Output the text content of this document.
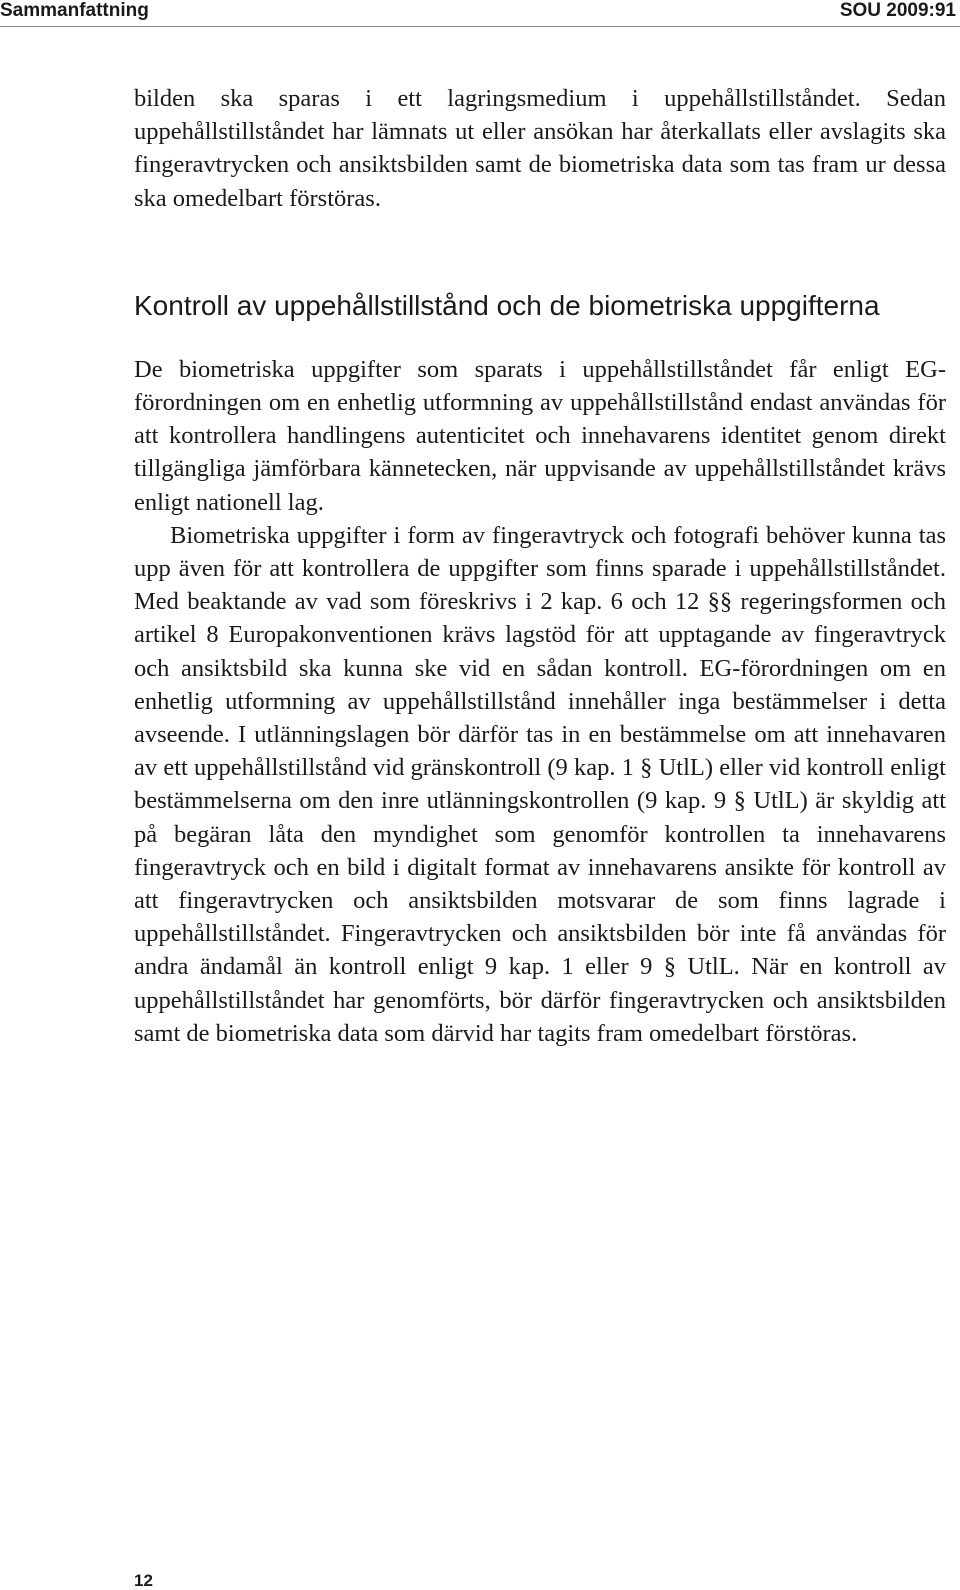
Sammanfattning	SOU 2009:91

bilden ska sparas i ett lagringsmedium i uppehållstillståndet. Sedan uppehållstillståndet har lämnats ut eller ansökan har återkallats eller avslagits ska fingeravtrycken och ansiktsbilden samt de biometriska data som tas fram ur dessa ska omedelbart förstöras.

Kontroll av uppehållstillstånd och de biometriska uppgifterna

De biometriska uppgifter som sparats i uppehållstillståndet får enligt EG-förordningen om en enhetlig utformning av uppehållstillstånd endast användas för att kontrollera handlingens autenticitet och innehavarens identitet genom direkt tillgängliga jämförbara kännetecken, när uppvisande av uppehållstillståndet krävs enligt nationell lag.

Biometriska uppgifter i form av fingeravtryck och fotografi behöver kunna tas upp även för att kontrollera de uppgifter som finns sparade i uppehållstillståndet. Med beaktande av vad som föreskrivs i 2 kap. 6 och 12 §§ regeringsformen och artikel 8 Europakonventionen krävs lagstöd för att upptagande av fingeravtryck och ansiktsbild ska kunna ske vid en sådan kontroll. EG-förordningen om en enhetlig utformning av uppehållstillstånd innehåller inga bestämmelser i detta avseende. I utlänningslagen bör därför tas in en bestämmelse om att innehavaren av ett uppehållstillstånd vid gränskontroll (9 kap. 1 § UtlL) eller vid kontroll enligt bestämmelserna om den inre utlänningskontrollen (9 kap. 9 § UtlL) är skyldig att på begäran låta den myndighet som genomför kontrollen ta innehavarens fingeravtryck och en bild i digitalt format av innehavarens ansikte för kontroll av att fingeravtrycken och ansiktsbilden motsvarar de som finns lagrade i uppehållstillståndet. Fingeravtrycken och ansiktsbilden bör inte få användas för andra ändamål än kontroll enligt 9 kap. 1 eller 9 § UtlL. När en kontroll av uppehållstillståndet har genomförts, bör därför fingeravtrycken och ansiktsbilden samt de biometriska data som därvid har tagits fram omedelbart förstöras.

12
